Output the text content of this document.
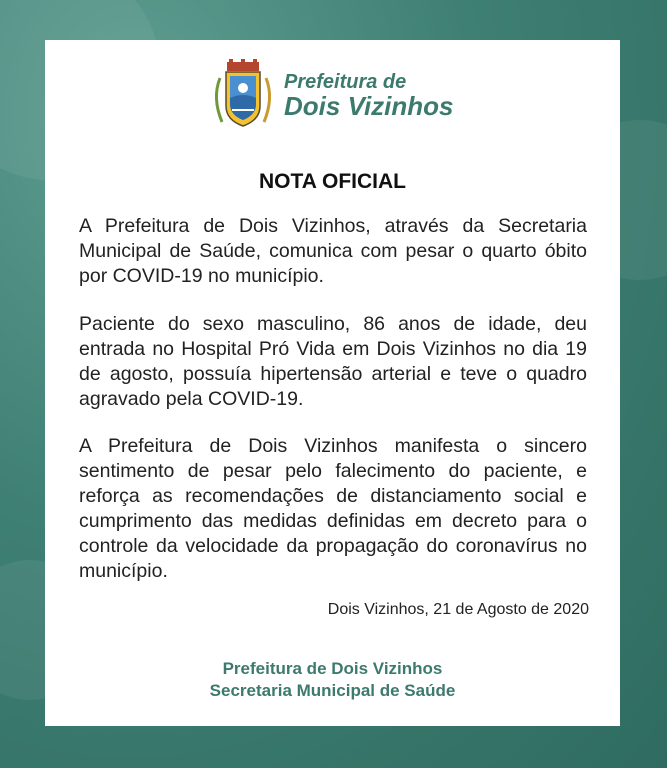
Prefeitura de
Dois Vizinhos
NOTA OFICIAL

A Prefeitura de Dois Vizinhos, através da Secretaria Municipal de Saúde, comunica com pesar o quarto óbito por COVID-19 no município.

Paciente do sexo masculino, 86 anos de idade, deu entrada no Hospital Pró Vida em Dois Vizinhos no dia 19 de agosto, possuía hipertensão arterial e teve o quadro agravado pela COVID-19.

A Prefeitura de Dois Vizinhos manifesta o sincero sentimento de pesar pelo falecimento do paciente, e reforça as recomendações de distanciamento social e cumprimento das medidas definidas em decreto para o controle da velocidade da propagação do coronavírus no município.

Dois Vizinhos, 21 de Agosto de 2020
Prefeitura de Dois Vizinhos
Secretaria Municipal de Saúde
